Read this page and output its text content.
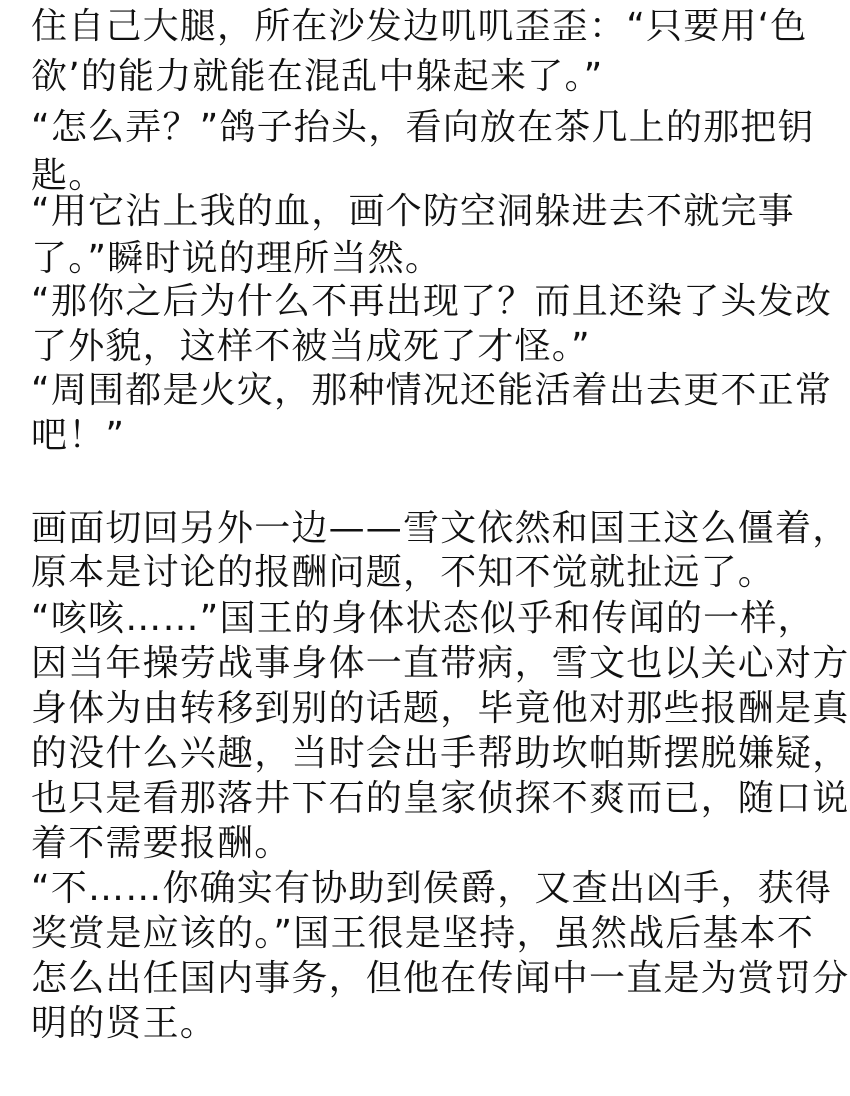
住自己大腿，所在沙发边叽叽歪歪：“只要用‘色
欲’的能力就能在混乱中躲起来了。”
“怎么弄？”鸽子抬头，看向放在茶几上的那把钥
匙。
“用它沾上我的血，画个防空洞躲进去不就完事
了。”瞬时说的理所当然。
“那你之后为什么不再出现了？而且还染了头发改
了外貌，这样不被当成死了才怪。”
“周围都是火灾，那种情况还能活着出去更不正常
吧！”
画面切回另外一边——雪文依然和国王这么僵着，
原本是讨论的报酬问题，不知不觉就扯远了。
“咳咳……”国王的身体状态似乎和传闻的一样，
因当年操劳战事身体一直带病，雪文也以关心对方
身体为由转移到别的话题，毕竟他对那些报酬是真
的没什么兴趣，当时会出手帮助坎帕斯摆脱嫌疑，
也只是看那落井下石的皇家侦探不爽而已，随口说
着不需要报酬。
“不……你确实有协助到侯爵，又查出凶手，获得
奖赏是应该的。”国王很是坚持，虽然战后基本不
怎么出任国内事务，但他在传闻中一直是为赏罚分
明的贤王。
